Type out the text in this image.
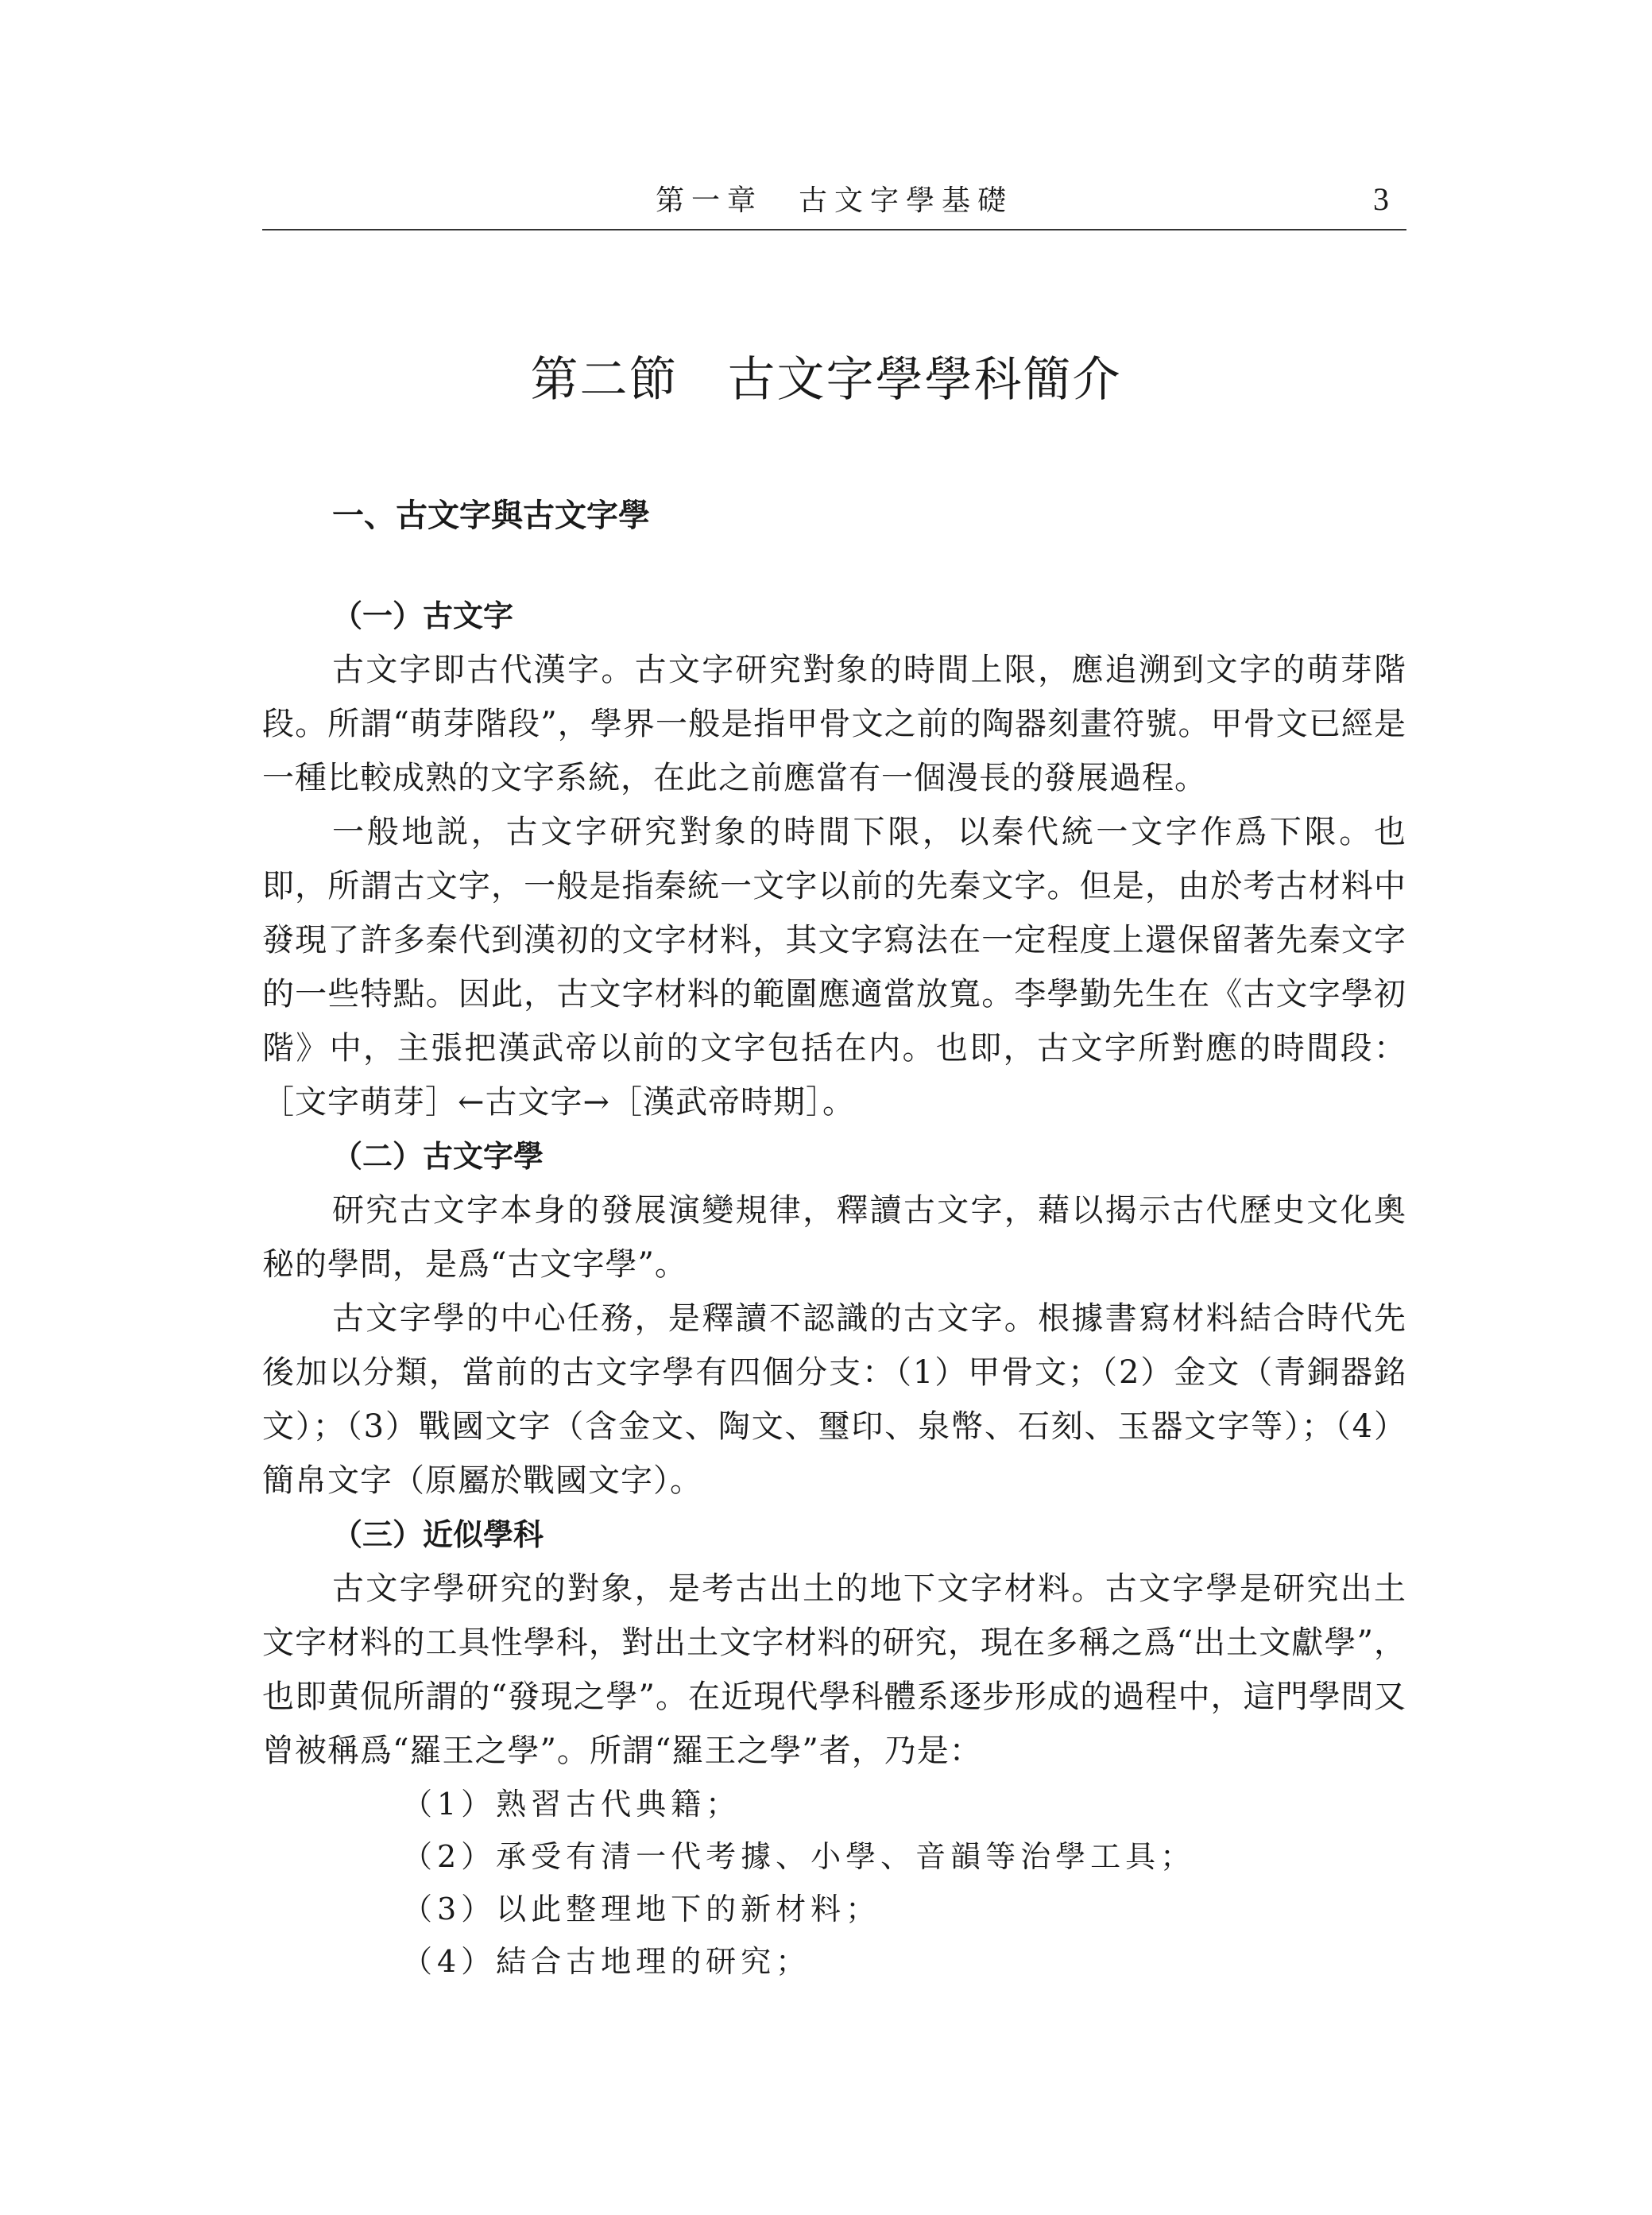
第一章　古文字學基礎	3
第二節　古文字學學科簡介
一、古文字與古文字學
（一）古文字

古文字即古代漢字。古文字研究對象的時間上限，應追溯到文字的萌芽階段。所謂“萌芽階段”，學界一般是指甲骨文之前的陶器刻畫符號。甲骨文已經是一種比較成熟的文字系統，在此之前應當有一個漫長的發展過程。

一般地説，古文字研究對象的時間下限，以秦代統一文字作爲下限。也即，所謂古文字，一般是指秦統一文字以前的先秦文字。但是，由於考古材料中發現了許多秦代到漢初的文字材料，其文字寫法在一定程度上還保留著先秦文字的一些特點。因此，古文字材料的範圍應適當放寬。李學勤先生在《古文字學初階》中，主張把漢武帝以前的文字包括在内。也即，古文字所對應的時間段：［文字萌芽］←古文字→［漢武帝時期］。

（二）古文字學

研究古文字本身的發展演變規律，釋讀古文字，藉以揭示古代歷史文化奧秘的學問，是爲“古文字學”。

古文字學的中心任務，是釋讀不認識的古文字。根據書寫材料結合時代先後加以分類，當前的古文字學有四個分支：（1）甲骨文；（2）金文（青銅器銘文）；（3）戰國文字（含金文、陶文、璽印、泉幣、石刻、玉器文字等）；（4）簡帛文字（原屬於戰國文字）。

（三）近似學科

古文字學研究的對象，是考古出土的地下文字材料。古文字學是研究出土文字材料的工具性學科，對出土文字材料的研究，現在多稱之爲“出土文獻學”，也即黄侃所謂的“發現之學”。在近現代學科體系逐步形成的過程中，這門學問又曾被稱爲“羅王之學”。所謂“羅王之學”者，乃是：

（1）熟習古代典籍；
（2）承受有清一代考據、小學、音韻等治學工具；
（3）以此整理地下的新材料；
（4）結合古地理的研究；
